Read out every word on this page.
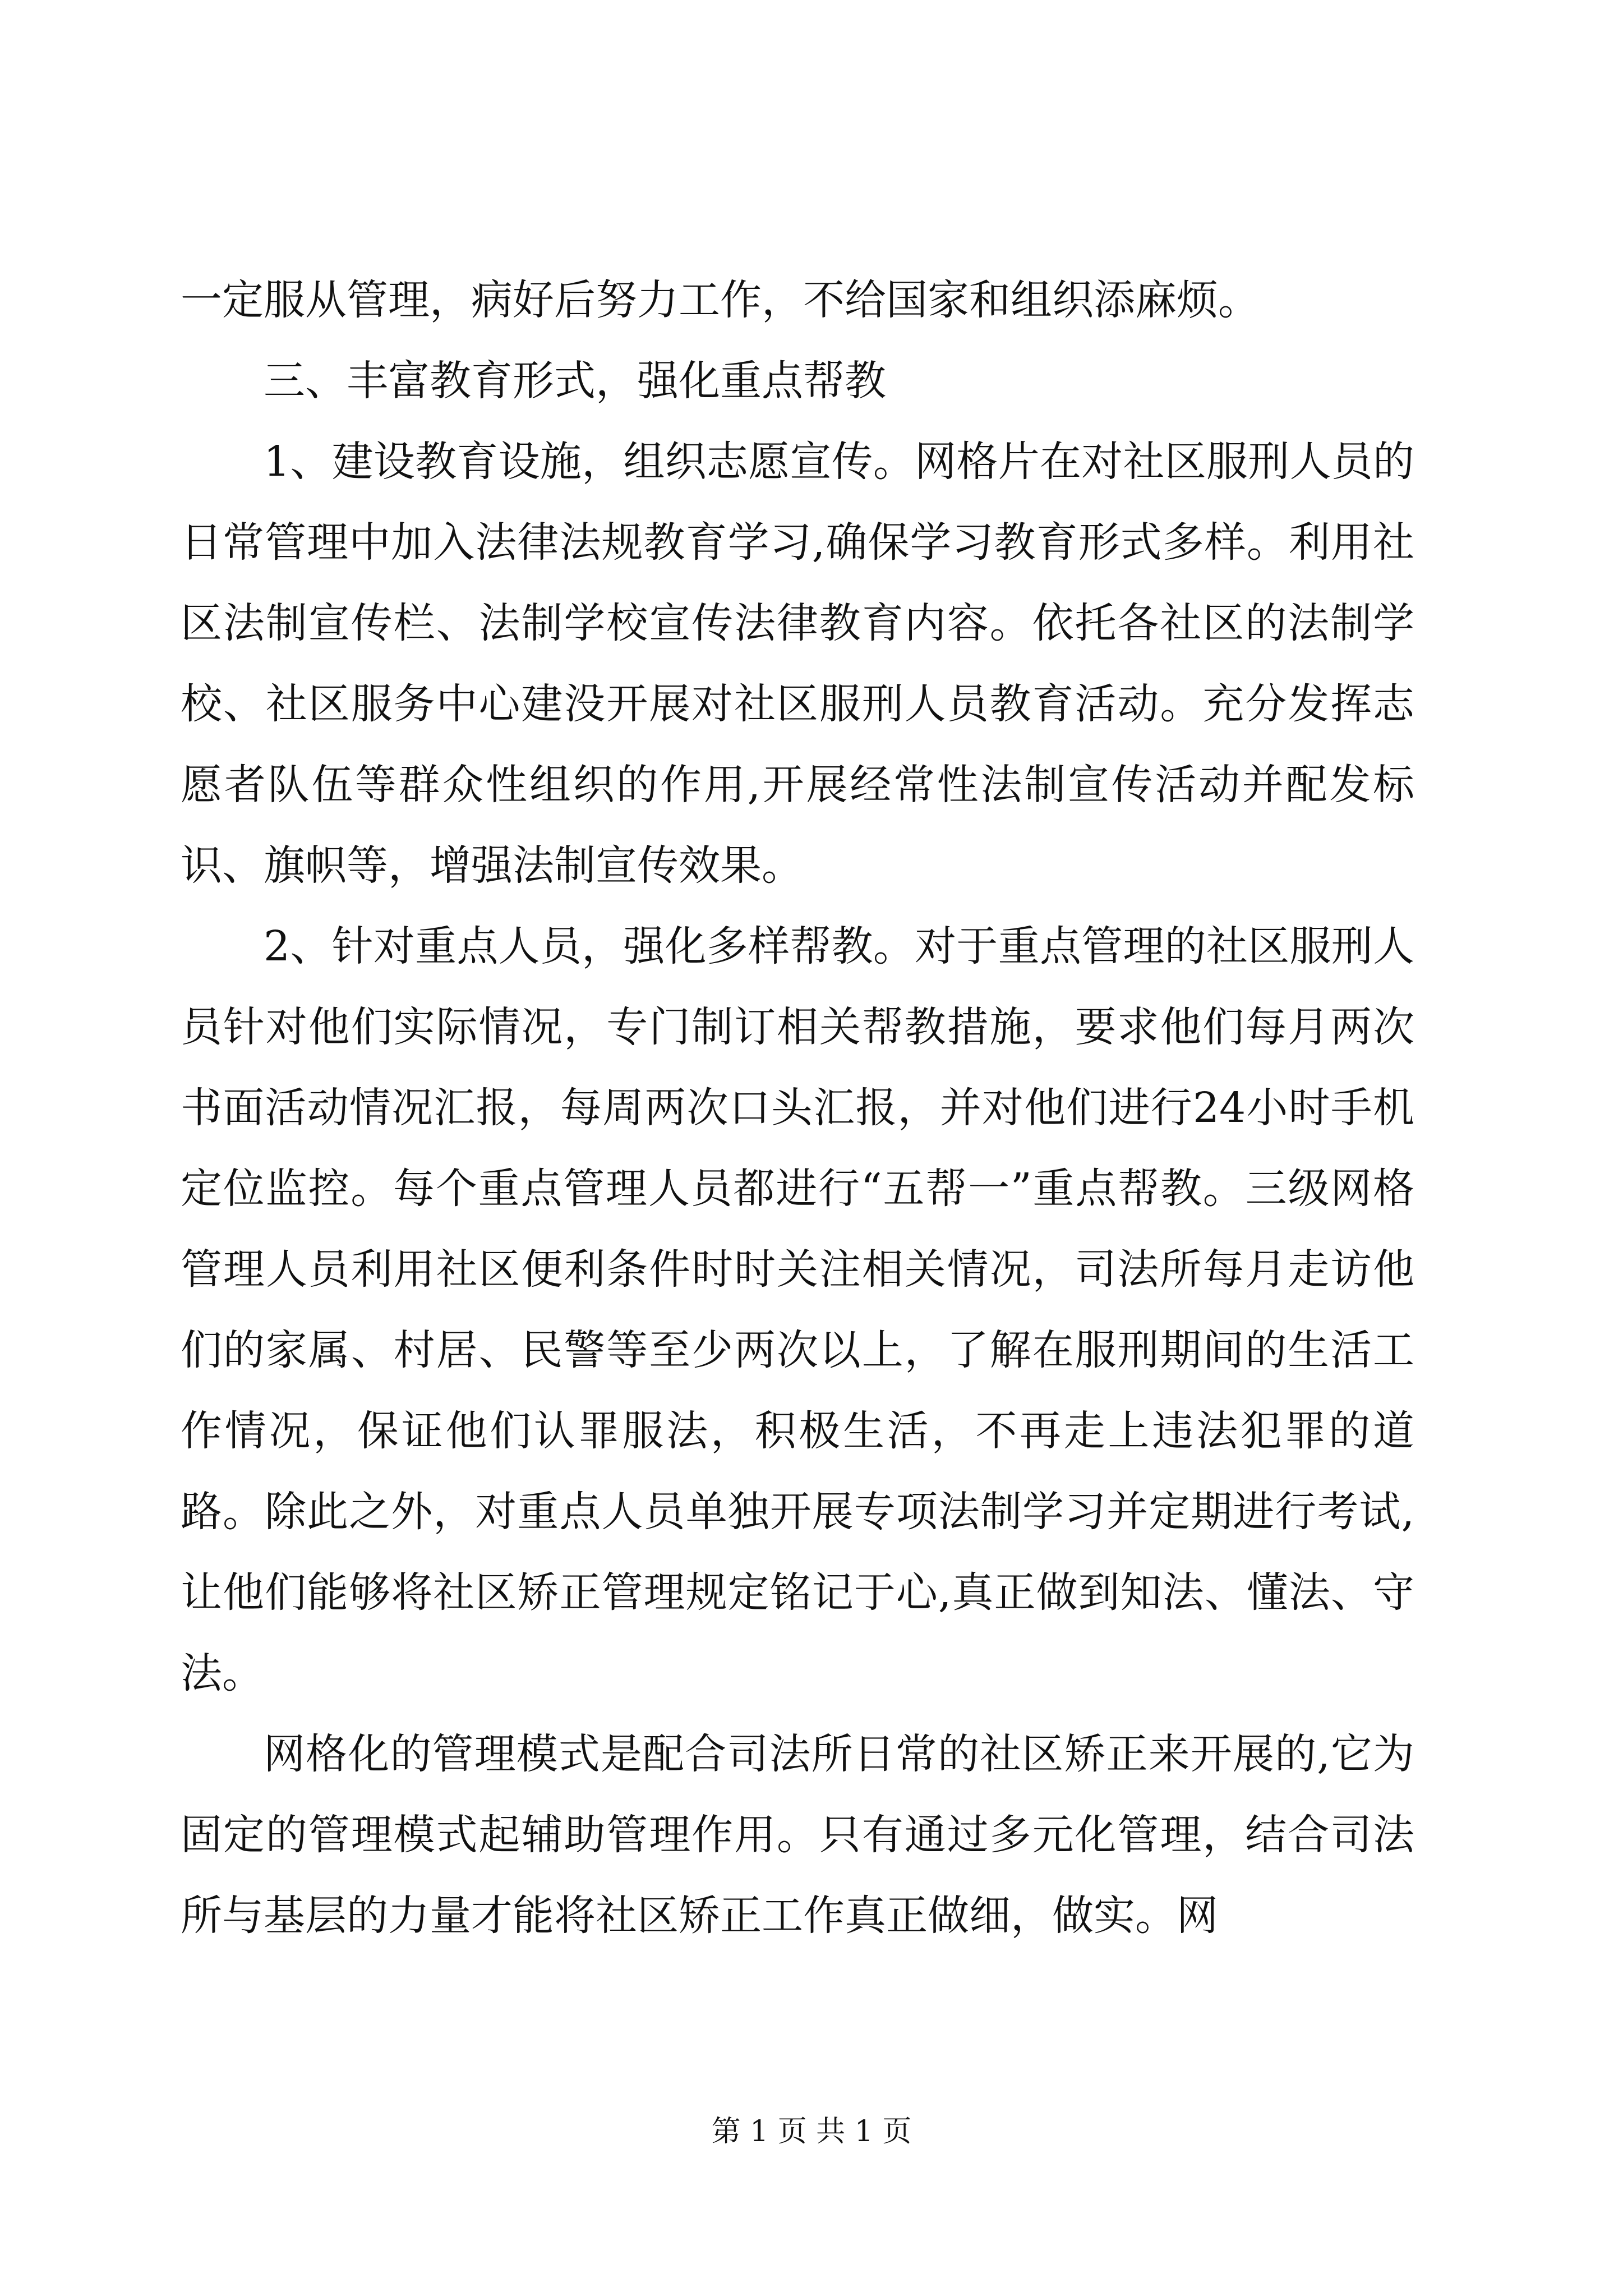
一定服从管理，病好后努力工作，不给国家和组织添麻烦。

三、丰富教育形式，强化重点帮教

1、建设教育设施，组织志愿宣传。网格片在对社区服刑人员的日常管理中加入法律法规教育学习,确保学习教育形式多样。利用社区法制宣传栏、法制学校宣传法律教育内容。依托各社区的法制学校、社区服务中心建没开展对社区服刑人员教育活动。充分发挥志愿者队伍等群众性组织的作用,开展经常性法制宣传活动并配发标识、旗帜等，增强法制宣传效果。

2、针对重点人员，强化多样帮教。对于重点管理的社区服刑人员针对他们实际情况，专门制订相关帮教措施，要求他们每月两次书面活动情况汇报，每周两次口头汇报，并对他们进行24小时手机定位监控。每个重点管理人员都进行“五帮一”重点帮教。三级网格管理人员利用社区便利条件时时关注相关情况，司法所每月走访他们的家属、村居、民警等至少两次以上，了解在服刑期间的生活工作情况，保证他们认罪服法，积极生活，不再走上违法犯罪的道路。除此之外，对重点人员单独开展专项法制学习并定期进行考试,让他们能够将社区矫正管理规定铭记于心,真正做到知法、懂法、守法。

网格化的管理模式是配合司法所日常的社区矫正来开展的,它为固定的管理模式起辅助管理作用。只有通过多元化管理，结合司法所与基层的力量才能将社区矫正工作真正做细，做实。网

第 1 页 共 1 页
